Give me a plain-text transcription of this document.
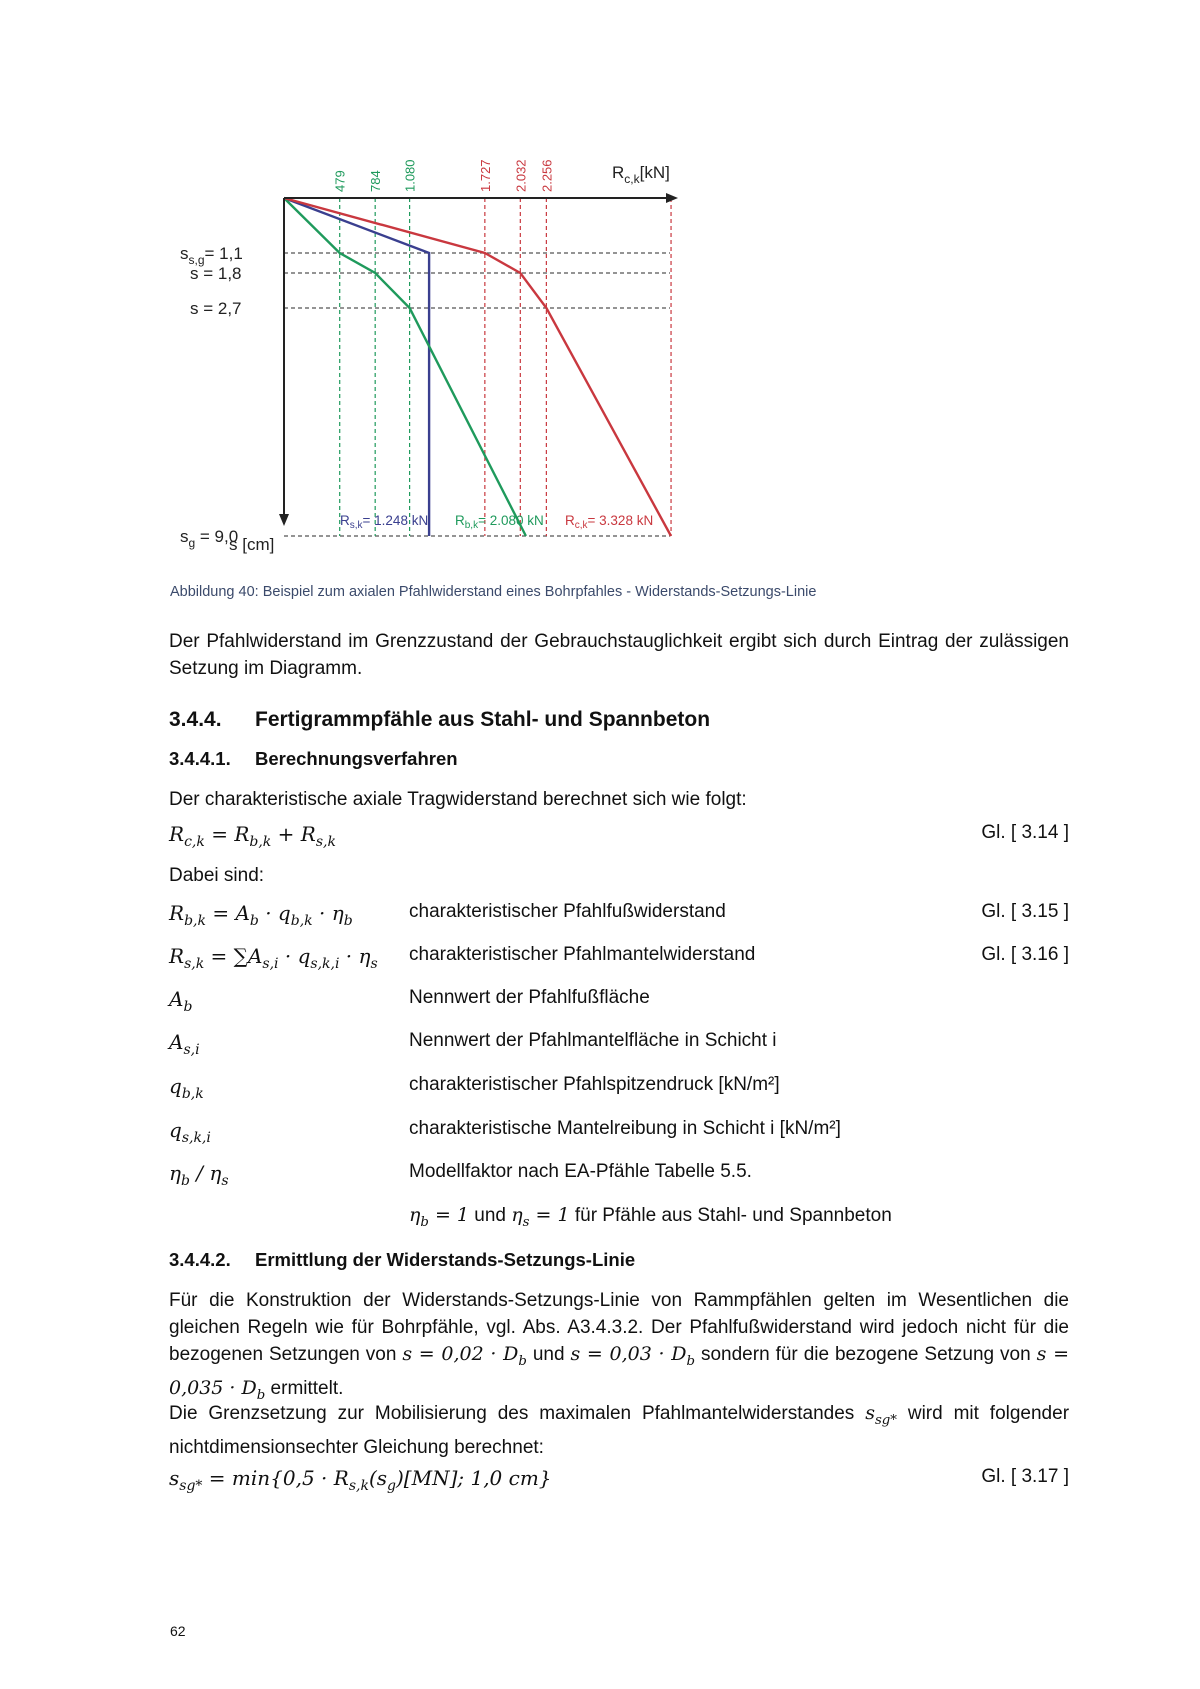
$R_{c,k}[kN]$
s [cm]
479 784 1.080	1.727 2.032 2.256
$s_{s,g}= 1,1$
s = 1,8
s = 2,7
$s_g = 9,0$
$R_{s,k}= 1.248$ kN $R_{b,k}= 2.080$ kN $R_{c,k}= 3.328$ kN
Abbildung 40: Beispiel zum axialen Pfahlwiderstand eines Bohrpfahles - Widerstands-Setzungs-Linie
Der Pfahlwiderstand im Grenzzustand der Gebrauchstauglichkeit ergibt sich durch Eintrag der zulässigen Setzung im Diagramm.
3.4.4. Fertigrammpfähle aus Stahl- und Spannbeton
3.4.4.1. Berechnungsverfahren
Der charakteristische axiale Tragwiderstand berechnet sich wie folgt:
$R_{c,k} = R_{b,k} + R_{s,k}$	Gl. [ 3.14 ]
Dabei sind:
$R_{b,k} = A_b \cdot q_{b,k} \cdot \eta_b$	charakteristischer Pfahlfußwiderstand	Gl. [ 3.15 ]
$R_{s,k} = \sum A_{s,i} \cdot q_{s,k,i} \cdot \eta_s$ charakteristischer Pfahlmantelwiderstand	Gl. [ 3.16 ]
$A_b$	Nennwert der Pfahlfußfläche
$A_{s,i}$	Nennwert der Pfahlmantelfläche in Schicht i
$q_{b,k}$	charakteristischer Pfahlspitzendruck [kN/m²]
$q_{s,k,i}$	charakteristische Mantelreibung in Schicht i [kN/m²]
$\eta_b / \eta_s$	Modellfaktor nach EA-Pfähle Tabelle 5.5.
$\eta_b = 1$ und $\eta_s = 1$ für Pfähle aus Stahl- und Spannbeton
3.4.4.2. Ermittlung der Widerstands-Setzungs-Linie
Für die Konstruktion der Widerstands-Setzungs-Linie von Rammpfählen gelten im Wesentlichen die gleichen Regeln wie für Bohrpfähle, vgl. Abs. A3.4.3.2. Der Pfahlfußwiderstand wird jedoch nicht für die bezogenen Setzungen von $s = 0,02 \cdot D_b$ und $s = 0,03 \cdot D_b$ sondern für die bezogene Setzung von $s = 0,035 \cdot D_b$ ermittelt.
Die Grenzsetzung zur Mobilisierung des maximalen Pfahlmantelwiderstandes $s_{sg*}$ wird mit folgender nichtdimensionsechter Gleichung berechnet:
$s_{sg*} = \min\{0,5 \cdot R_{s,k}(s_g)[MN]$; 1,0 cm}	Gl. [ 3.17 ]
62
